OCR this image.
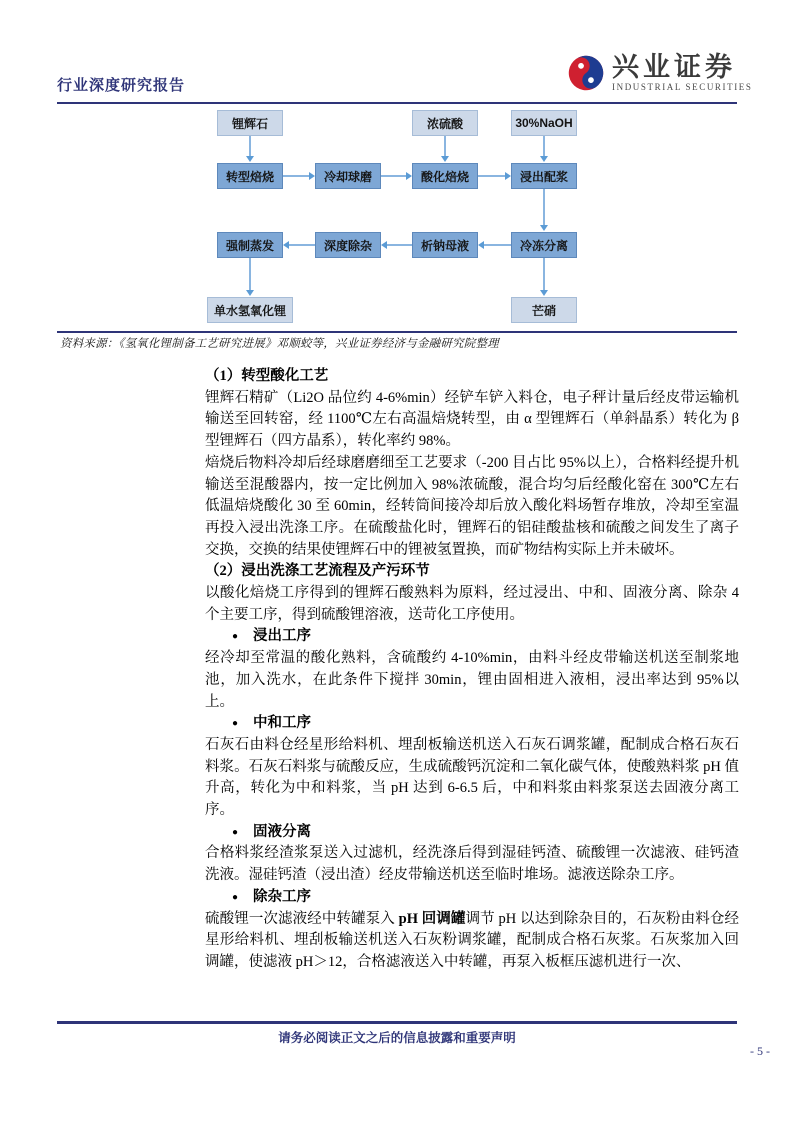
行业深度研究报告
兴业证券
INDUSTRIAL SECURITIES
锂辉石	浓硫酸	30%NaOH
转型焙烧	冷却球磨	酸化焙烧	浸出配浆
强制蒸发	深度除杂	析钠母液	冷冻分离
单水氢氧化锂	芒硝
资料来源：《氢氧化锂制备工艺研究进展》邓顺蛟等，兴业证券经济与金融研究院整理
（1）转型酸化工艺
锂辉石精矿（Li2O 品位约 4-6%min）经铲车铲入料仓，电子秤计量后经皮带运输机输送至回转窑，经 1100℃左右高温焙烧转型，由 α 型锂辉石（单斜晶系）转化为 β 型锂辉石（四方晶系），转化率约 98%。
焙烧后物料冷却后经球磨磨细至工艺要求（-200 目占比 95%以上），合格料经提升机输送至混酸器内，按一定比例加入 98%浓硫酸，混合均匀后经酸化窑在 300℃左右低温焙烧酸化 30 至 60min，经转筒间接冷却后放入酸化料场暂存堆放，冷却至室温再投入浸出洗涤工序。在硫酸盐化时，锂辉石的铝硅酸盐核和硫酸之间发生了离子交换，交换的结果使锂辉石中的锂被氢置换，而矿物结构实际上并未破坏。
（2）浸出洗涤工艺流程及产污环节
以酸化焙烧工序得到的锂辉石酸熟料为原料，经过浸出、中和、固液分离、除杂 4 个主要工序，得到硫酸锂溶液，送苛化工序使用。
● 浸出工序
经冷却至常温的酸化熟料，含硫酸约 4-10%min，由料斗经皮带输送机送至制浆地池，加入洗水，在此条件下搅拌 30min，锂由固相进入液相，浸出率达到 95%以上。
● 中和工序
石灰石由料仓经星形给料机、埋刮板输送机送入石灰石调浆罐，配制成合格石灰石料浆。石灰石料浆与硫酸反应，生成硫酸钙沉淀和二氧化碳气体，使酸熟料浆 pH 值升高，转化为中和料浆，当 pH 达到 6-6.5 后，中和料浆由料浆泵送去固液分离工序。
● 固液分离
合格料浆经渣浆泵送入过滤机，经洗涤后得到湿硅钙渣、硫酸锂一次滤液、硅钙渣洗液。湿硅钙渣（浸出渣）经皮带输送机送至临时堆场。滤液送除杂工序。
● 除杂工序
硫酸锂一次滤液经中转罐泵入 pH 回调罐调节 pH 以达到除杂目的，石灰粉由料仓经星形给料机、埋刮板输送机送入石灰粉调浆罐，配制成合格石灰浆。石灰浆加入回调罐，使滤液 pH＞12，合格滤液送入中转罐，再泵入板框压滤机进行一次、
请务必阅读正文之后的信息披露和重要声明
- 5 -
